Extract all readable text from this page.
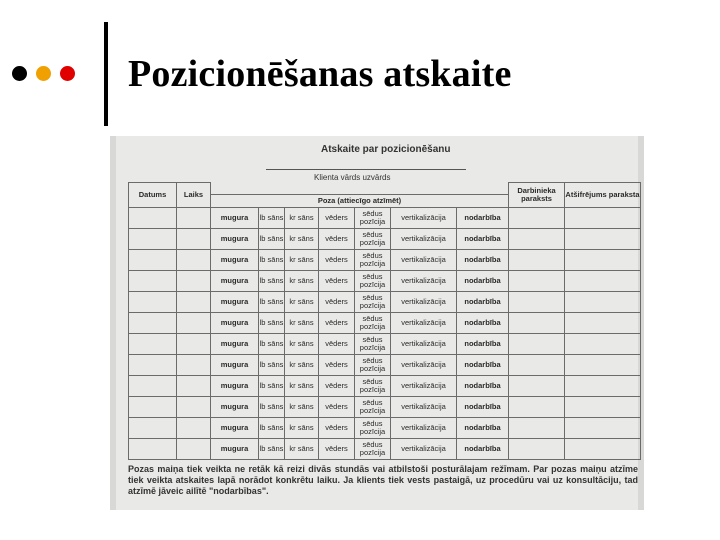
Pozicionēšanas atskaite
Atskaite par pozicionēšanu
Klienta vārds uzvārds
Datums	Laiks								Darbinieka paraksts	Atšifrējums paraksta
		Poza (attiecīgo atzīmēt)								
		mugura	lb sāns	kr sāns	vēders	sēdus pozīcija	vertikalizācija	nodarbība		
		mugura	lb sāns	kr sāns	vēders	sēdus pozīcija	vertikalizācija	nodarbība		
		mugura	lb sāns	kr sāns	vēders	sēdus pozīcija	vertikalizācija	nodarbība		
		mugura	lb sāns	kr sāns	vēders	sēdus pozīcija	vertikalizācija	nodarbība		
		mugura	lb sāns	kr sāns	vēders	sēdus pozīcija	vertikalizācija	nodarbība		
		mugura	lb sāns	kr sāns	vēders	sēdus pozīcija	vertikalizācija	nodarbība		
		mugura	lb sāns	kr sāns	vēders	sēdus pozīcija	vertikalizācija	nodarbība		
		mugura	lb sāns	kr sāns	vēders	sēdus pozīcija	vertikalizācija	nodarbība		
		mugura	lb sāns	kr sāns	vēders	sēdus pozīcija	vertikalizācija	nodarbība		
		mugura	lb sāns	kr sāns	vēders	sēdus pozīcija	vertikalizācija	nodarbība		
		mugura	lb sāns	kr sāns	vēders	sēdus pozīcija	vertikalizācija	nodarbība		
		mugura	lb sāns	kr sāns	vēders	sēdus pozīcija	vertikalizācija	nodarbība		
Pozas maiņa tiek veikta ne retāk kā reizi divās stundās vai atbilstoši posturālajam režīmam. Par pozas maiņu atzīme tiek veikta atskaites lapā norādot konkrētu laiku. Ja klients tiek vests pastaigā, uz procedūru vai uz konsultāciju, tad atzīmē jāveic ailītē "nodarbības".
